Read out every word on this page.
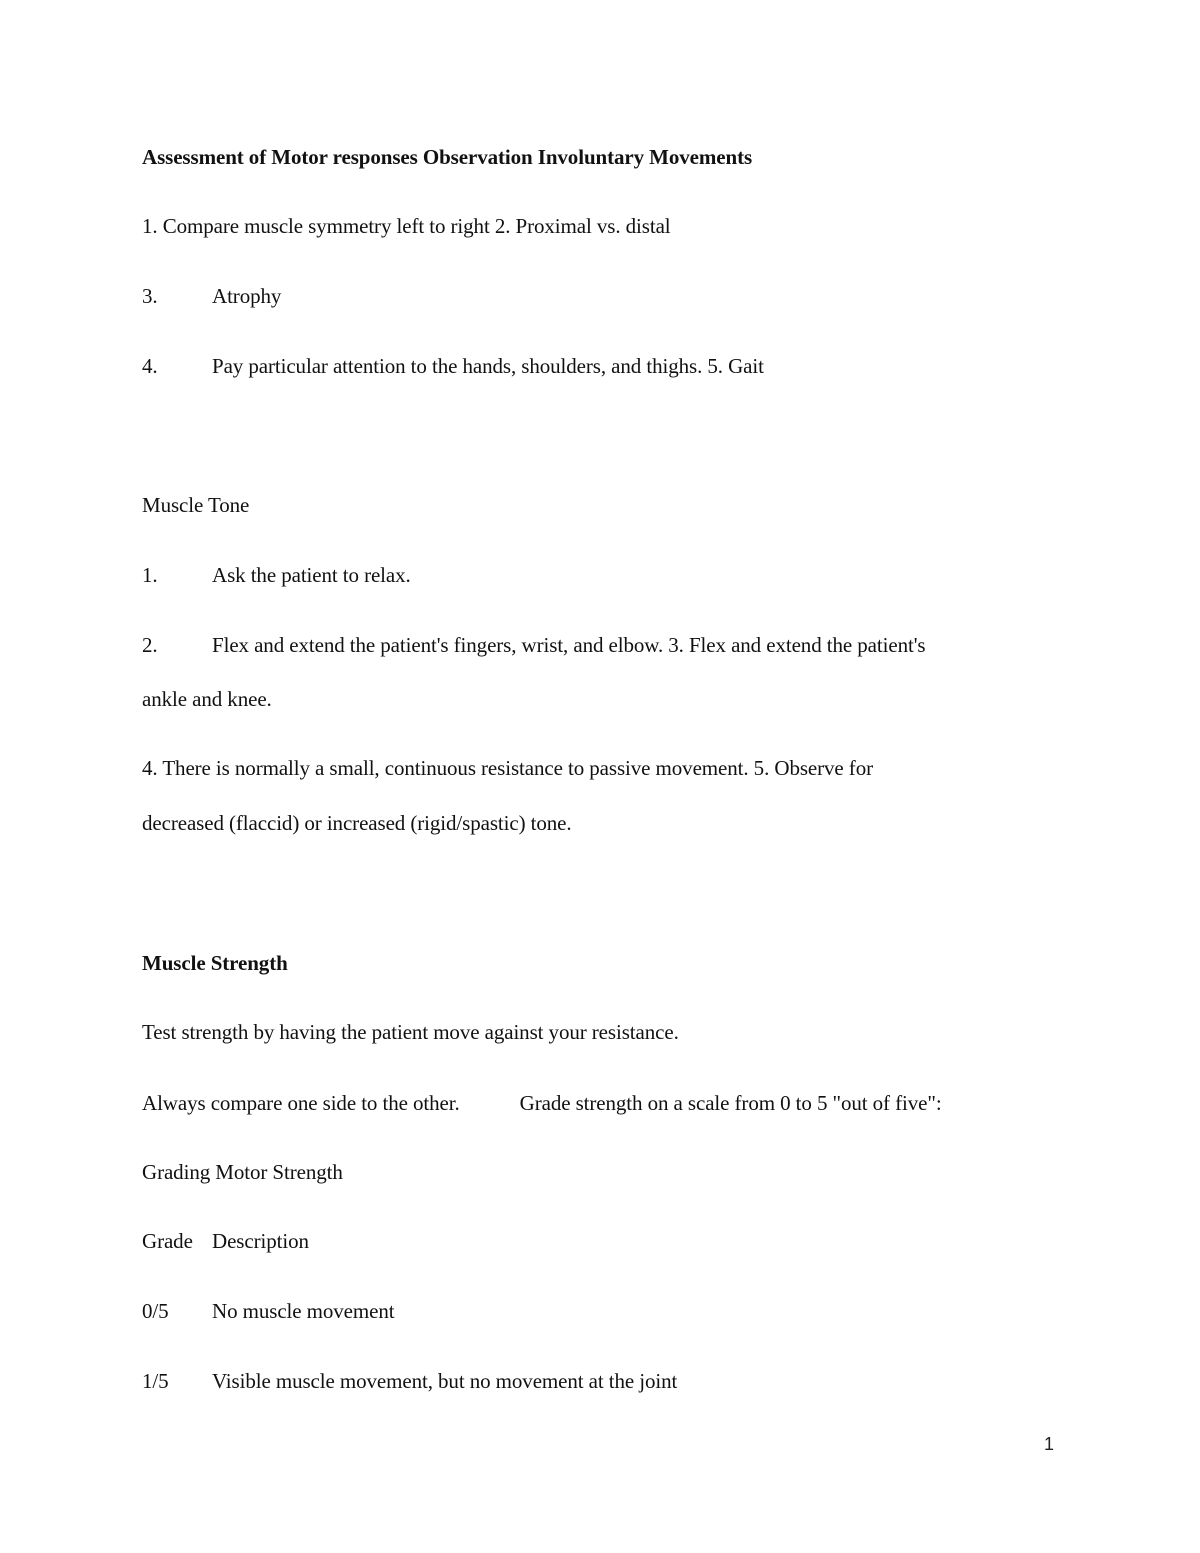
Assessment of Motor responses Observation Involuntary Movements
1. Compare muscle symmetry left to right 2. Proximal vs. distal
3.	Atrophy
4.	Pay particular attention to the hands, shoulders, and thighs. 5. Gait
Muscle Tone
1.	Ask the patient to relax.
2.	Flex and extend the patient's fingers, wrist, and elbow. 3. Flex and extend the patient's
ankle and knee.
4. There is normally a small, continuous resistance to passive movement. 5. Observe for
decreased (flaccid) or increased (rigid/spastic) tone.
Muscle Strength
Test strength by having the patient move against your resistance.
Always compare one side to the other.	Grade strength on a scale from 0 to 5 "out of five":
Grading Motor Strength
Grade Description
0/5 No muscle movement
1/5 Visible muscle movement, but no movement at the joint
1
